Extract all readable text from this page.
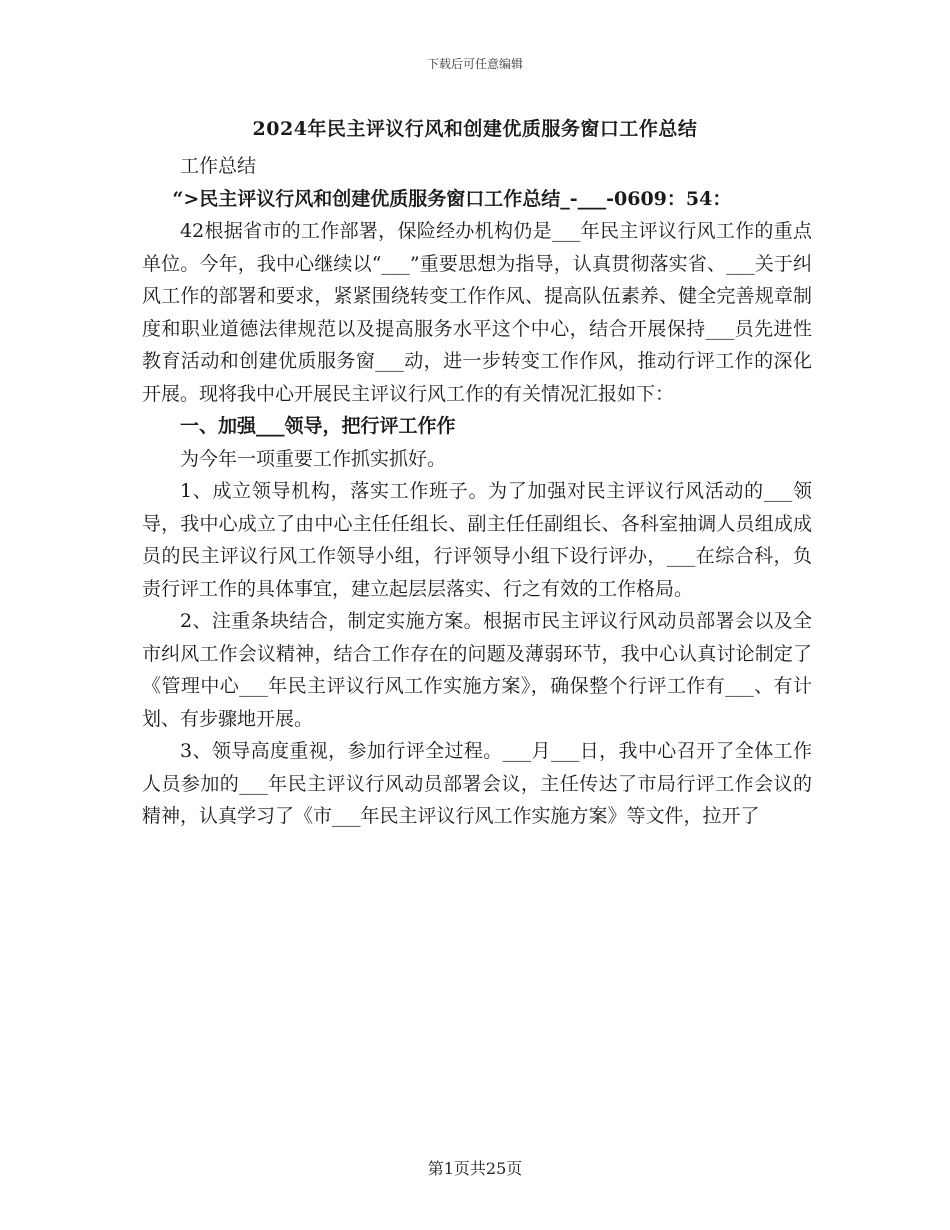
下载后可任意编辑
2024年民主评议行风和创建优质服务窗口工作总结

工作总结

“>民主评议行风和创建优质服务窗口工作总结_-___-0609：54：

42根据省市的工作部署，保险经办机构仍是___年民主评议行风工作的重点单位。今年，我中心继续以“___”重要思想为指导，认真贯彻落实省、___关于纠风工作的部署和要求，紧紧围绕转变工作作风、提高队伍素养、健全完善规章制度和职业道德法律规范以及提高服务水平这个中心，结合开展保持___员先进性教育活动和创建优质服务窗___动，进一步转变工作作风，推动行评工作的深化开展。现将我中心开展民主评议行风工作的有关情况汇报如下：

一、加强___领导，把行评工作作

为今年一项重要工作抓实抓好。

1、成立领导机构，落实工作班子。为了加强对民主评议行风活动的___领导，我中心成立了由中心主任任组长、副主任任副组长、各科室抽调人员组成成员的民主评议行风工作领导小组，行评领导小组下设行评办，___在综合科，负责行评工作的具体事宜，建立起层层落实、行之有效的工作格局。

2、注重条块结合，制定实施方案。根据市民主评议行风动员部署会以及全市纠风工作会议精神，结合工作存在的问题及薄弱环节，我中心认真讨论制定了《管理中心___年民主评议行风工作实施方案》，确保整个行评工作有___、有计划、有步骤地开展。

3、领导高度重视，参加行评全过程。___月___日，我中心召开了全体工作人员参加的___年民主评议行风动员部署会议，主任传达了市局行评工作会议的精神，认真学习了《市___年民主评议行风工作实施方案》等文件，拉开了

第1页共25页
